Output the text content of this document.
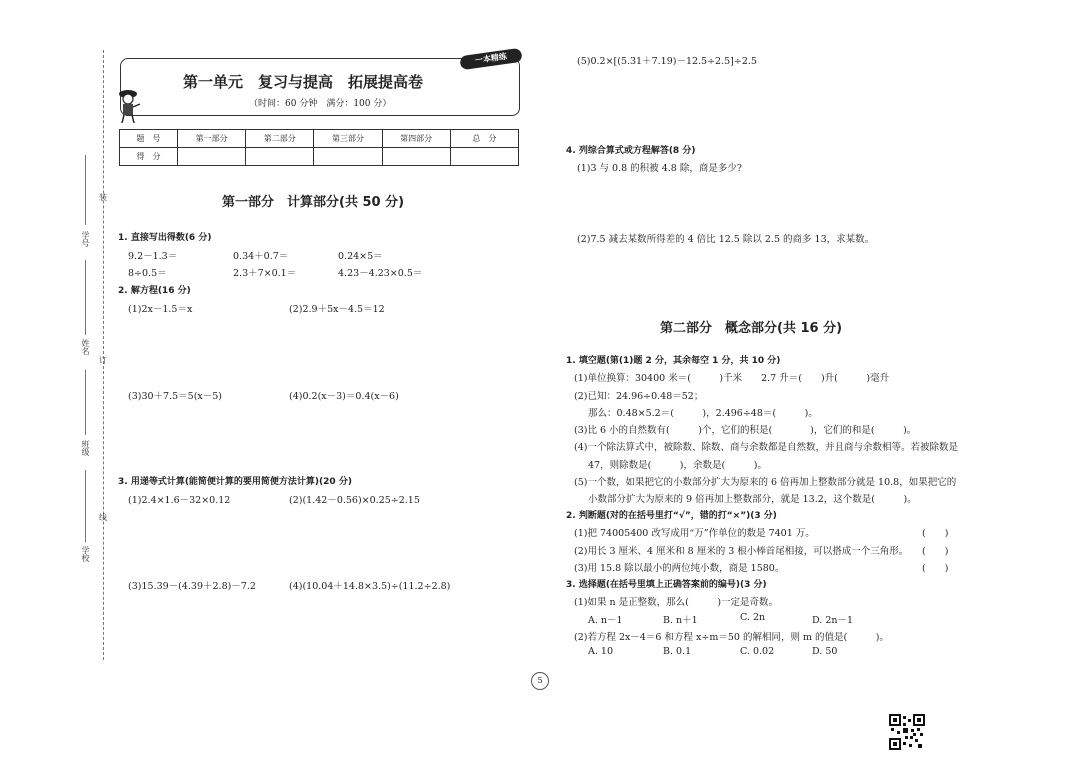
学号
姓名
班级
学校
装
订
线
一本精练
第一单元　复习与提高　拓展提高卷
（时间：60 分钟　满分：100 分）
题　号	第一部分	第二部分	第三部分	第四部分	总　分
得　分					
第一部分　计算部分(共 50 分)
1. 直接写出得数(6 分)
9.2－1.3＝	0.34＋0.7＝	0.24×5＝
8÷0.5＝	2.3＋7×0.1＝	4.23－4.23×0.5＝
2. 解方程(16 分)
(1)2x－1.5＝x	(2)2.9＋5x－4.5＝12
(3)30＋7.5＝5(x－5)	(4)0.2(x－3)＝0.4(x－6)
3. 用递等式计算(能简便计算的要用简便方法计算)(20 分)
(1)2.4×1.6－32×0.12	(2)(1.42－0.56)×0.25÷2.15
(3)15.39－(4.39＋2.8)－7.2	(4)(10.04＋14.8×3.5)÷(11.2÷2.8)
(5)0.2×[(5.31＋7.19)－12.5÷2.5]÷2.5
4. 列综合算式或方程解答(8 分)
(1)3 与 0.8 的积被 4.8 除，商是多少?
(2)7.5 减去某数所得差的 4 倍比 12.5 除以 2.5 的商多 13，求某数。
第二部分　概念部分(共 16 分)
1. 填空题(第(1)题 2 分，其余每空 1 分，共 10 分)
(1)单位换算：30400 米＝(　　　)千米　　2.7 升＝(　　)升(　　　)毫升
(2)已知：24.96÷0.48＝52；
那么：0.48×5.2＝(　　　)，2.496÷48＝(　　　)。
(3)比 6 小的自然数有(　　　)个，它们的积是(　　　　)，它们的和是(　　　)。
(4)一个除法算式中，被除数、除数、商与余数都是自然数，并且商与余数相等。若被除数是
47，则除数是(　　　)，余数是(　　　)。
(5)一个数，如果把它的小数部分扩大为原来的 6 倍再加上整数部分就是 10.8，如果把它的
小数部分扩大为原来的 9 倍再加上整数部分，就是 13.2，这个数是(　　　)。
2. 判断题(对的在括号里打“√”，错的打“×”)(3 分)
(1)把 74005400 改写成用“万”作单位的数是 7401 万。	(　　)
(2)用长 3 厘米、4 厘米和 8 厘米的 3 根小棒首尾相接，可以搭成一个三角形。 (　　)
(3)用 15.8 除以最小的两位纯小数，商是 1580。	(　　)
3. 选择题(在括号里填上正确答案前的编号)(3 分)
(1)如果 n 是正整数，那么(　　　)一定是奇数。
A. n－1	B. n＋1	C. 2n	D. 2n－1
(2)若方程 2x－4＝6 和方程 x÷m＝50 的解相同，则 m 的值是(　　　)。
A. 10	B. 0.1	C. 0.02	D. 50
5
